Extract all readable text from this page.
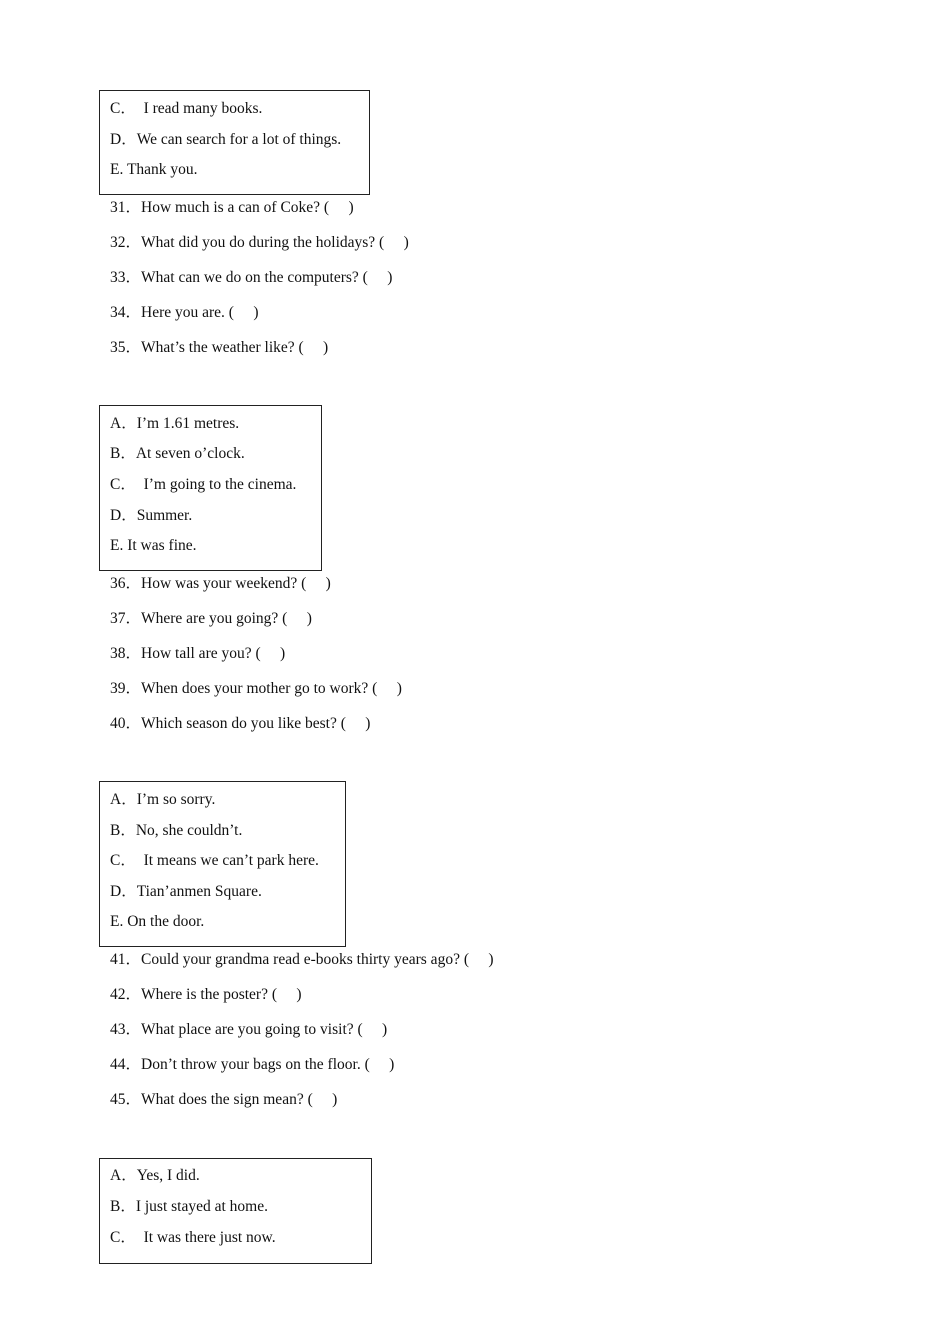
C．  I read many books.
D．We can search for a lot of things.
E. Thank you.
31．How much is a can of Coke? (     )
32．What did you do during the holidays? (     )
33．What can we do on the computers? (     )
34．Here you are. (     )
35．What’s the weather like? (     )
A．I’m 1.61 metres.
B．At seven o’clock.
C．  I’m going to the cinema.
D．Summer.
E. It was fine.
36．How was your weekend? (     )
37．Where are you going? (     )
38．How tall are you? (     )
39．When does your mother go to work? (     )
40．Which season do you like best? (     )
A．I’m so sorry.
B．No, she couldn’t.
C．  It means we can’t park here.
D．Tian’anmen Square.
E. On the door.
41．Could your grandma read e-books thirty years ago? (     )
42．Where is the poster? (     )
43．What place are you going to visit? (     )
44．Don’t throw your bags on the floor. (     )
45．What does the sign mean? (     )
A．Yes, I did.
B．I just stayed at home.
C．  It was there just now.
